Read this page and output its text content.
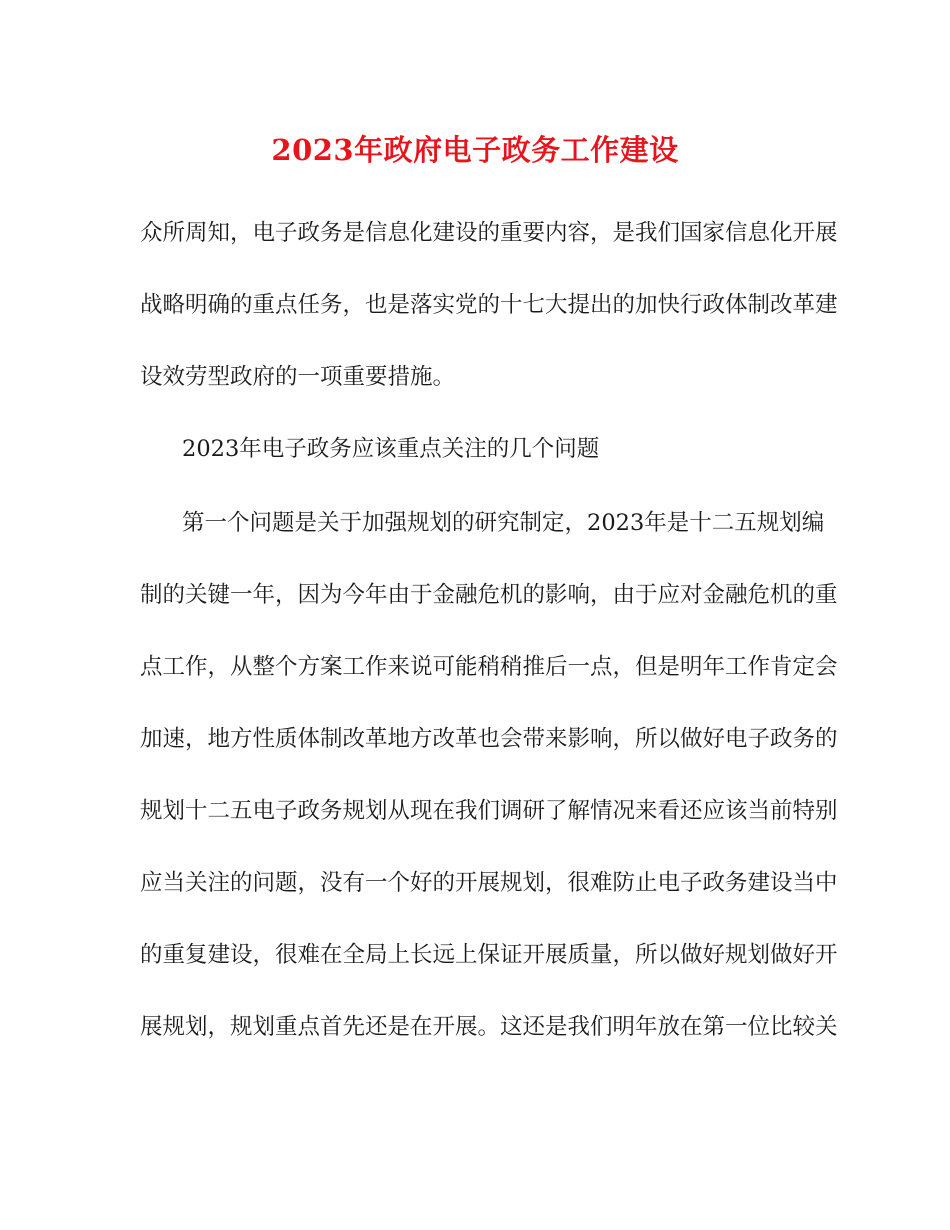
2023年政府电子政务工作建设
众所周知，电子政务是信息化建设的重要内容，是我们国家信息化开展
战略明确的重点任务，也是落实党的十七大提出的加快行政体制改革建
设效劳型政府的一项重要措施。
2023年电子政务应该重点关注的几个问题
第一个问题是关于加强规划的研究制定，2023年是十二五规划编
制的关键一年，因为今年由于金融危机的影响，由于应对金融危机的重
点工作，从整个方案工作来说可能稍稍推后一点，但是明年工作肯定会
加速，地方性质体制改革地方改革也会带来影响，所以做好电子政务的
规划十二五电子政务规划从现在我们调研了解情况来看还应该当前特别
应当关注的问题，没有一个好的开展规划，很难防止电子政务建设当中
的重复建设，很难在全局上长远上保证开展质量，所以做好规划做好开
展规划，规划重点首先还是在开展。这还是我们明年放在第一位比较关
